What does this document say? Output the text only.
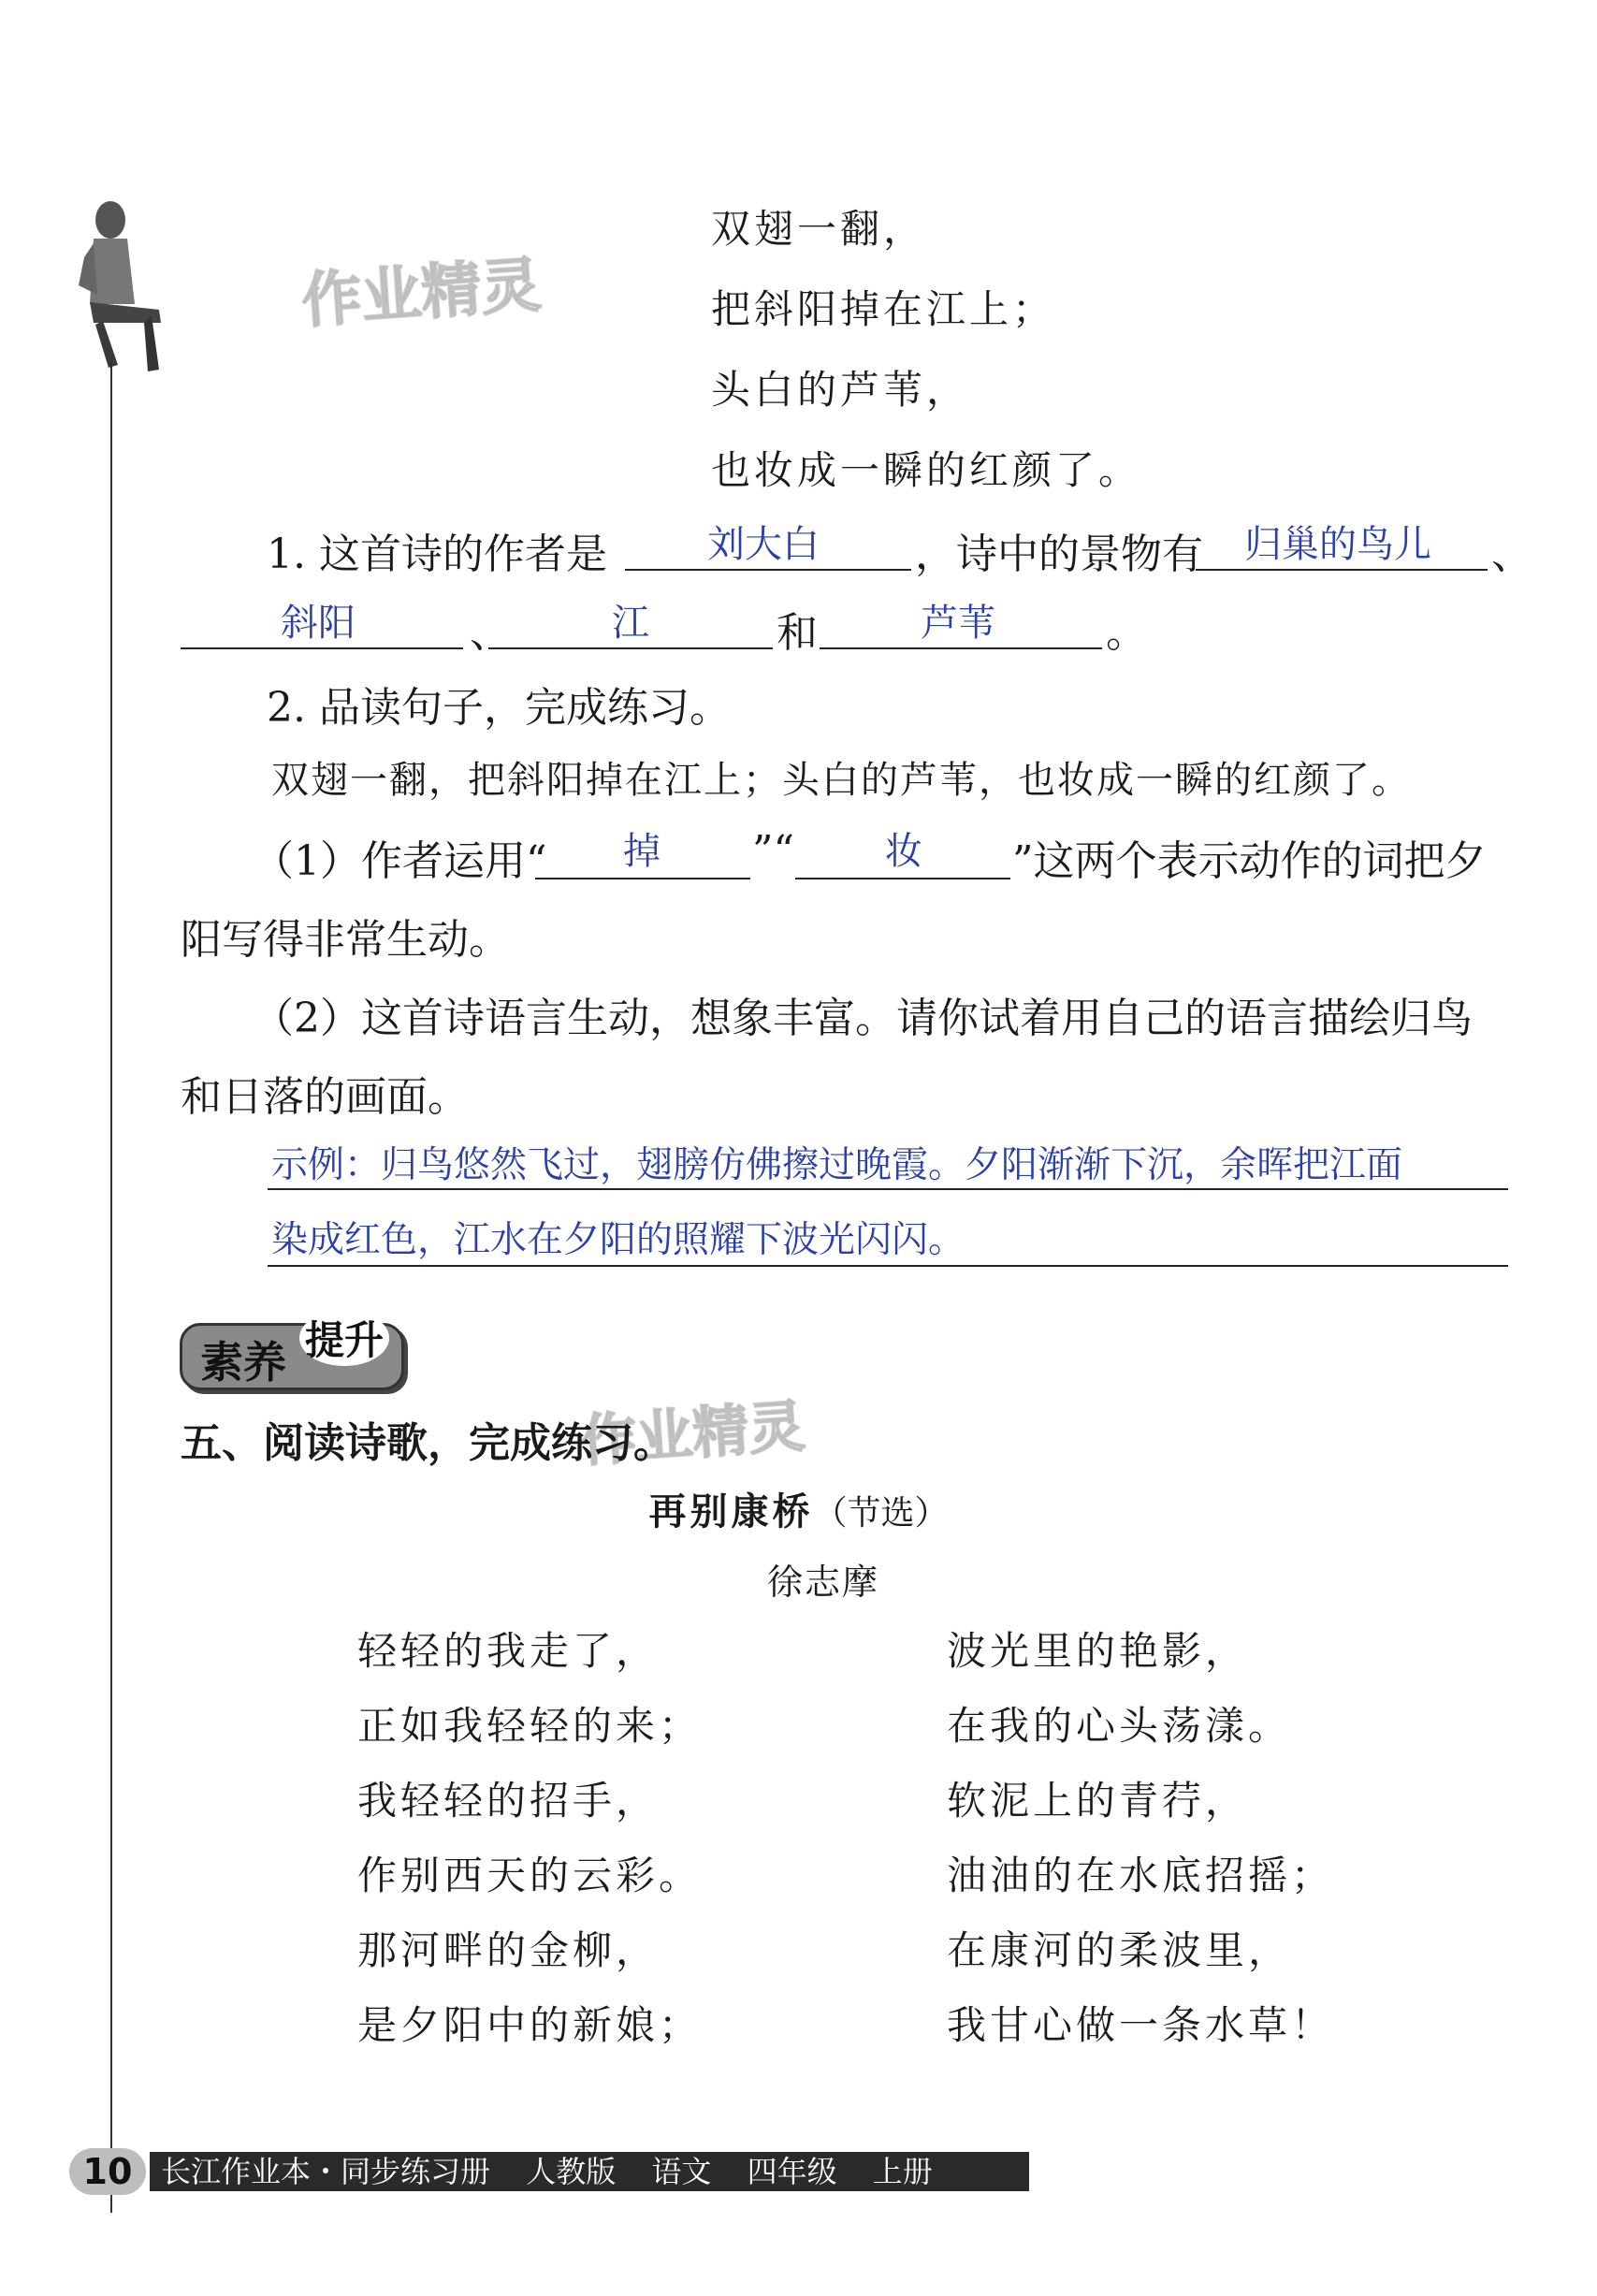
作业精灵
作业精灵
双翅一翻，
把斜阳掉在江上；
头白的芦苇，
也妆成一瞬的红颜了。
1. 这首诗的作者是	刘大白 ，诗中的景物有 归巢的鸟儿 、
斜阳	、	江	和	芦苇	。
2. 品读句子，完成练习。
双翅一翻，把斜阳掉在江上；头白的芦苇，也妆成一瞬的红颜了。
（1）作者运用“ 掉 ”“ 妆 ”这两个表示动作的词把夕
阳写得非常生动。
（2）这首诗语言生动，想象丰富。请你试着用自己的语言描绘归鸟
和日落的画面。
示例：归鸟悠然飞过，翅膀仿佛擦过晚霞。夕阳渐渐下沉，余晖把江面
染成红色，江水在夕阳的照耀下波光闪闪。
素养 提升
五、阅读诗歌，完成练习。
再别康桥（节选）
徐志摩
轻轻的我走了，
正如我轻轻的来；
我轻轻的招手，
作别西天的云彩。
那河畔的金柳，
是夕阳中的新娘；
波光里的艳影，
在我的心头荡漾。
软泥上的青荇，
油油的在水底招摇；
在康河的柔波里，
我甘心做一条水草！
10 长江作业本・同步练习册 人教版 语文 四年级 上册
